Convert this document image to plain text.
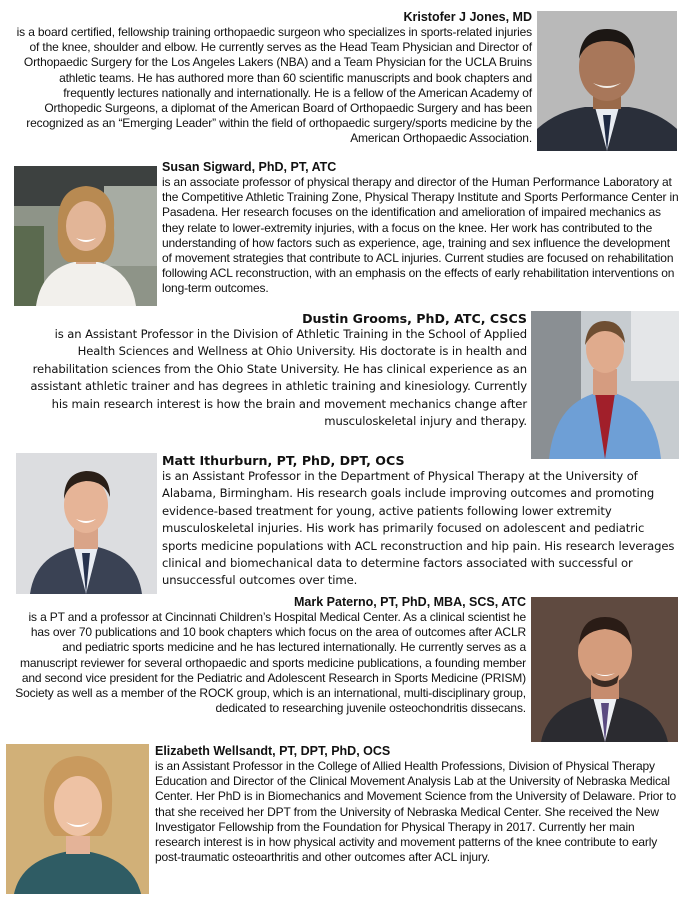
Kristofer J Jones, MD

is a board certified, fellowship training orthopaedic surgeon who specializes in sports-related injuries of the knee, shoulder and elbow. He currently serves as the Head Team Physician and Director of Orthopaedic Surgery for the Los Angeles Lakers (NBA) and a Team Physician for the UCLA Bruins athletic teams. He has authored more than 60 scientific manuscripts and book chapters and frequently lectures nationally and internationally. He is a fellow of the American Academy of Orthopedic Surgeons, a diplomat of the American Board of Orthopaedic Surgery and has been recognized as an “Emerging Leader” within the field of orthopaedic surgery/sports medicine by the American Orthopaedic Association.

Susan Sigward, PhD, PT, ATC

is an associate professor of physical therapy and director of the Human Performance Laboratory at the Competitive Athletic Training Zone, Physical Therapy Institute and Sports Performance Center in Pasadena. Her research focuses on the identification and amelioration of impaired mechanics as they relate to lower-extremity injuries, with a focus on the knee. Her work has contributed to the understanding of how factors such as experience, age, training and sex influence the development of movement strategies that contribute to ACL injuries. Current studies are focused on rehabilitation following ACL reconstruction, with an emphasis on the effects of early rehabilitation interventions on long-term outcomes.

Dustin Grooms, PhD, ATC, CSCS

is an Assistant Professor in the Division of Athletic Training in the School of Applied Health Sciences and Wellness at Ohio University. His doctorate is in health and rehabilitation sciences from the Ohio State University. He has clinical experience as an assistant athletic trainer and has degrees in athletic training and kinesiology. Currently his main research interest is how the brain and movement mechanics change after musculoskeletal injury and therapy.

Matt Ithurburn, PT, PhD, DPT, OCS

is an Assistant Professor in the Department of Physical Therapy at the University of Alabama, Birmingham. His research goals include improving outcomes and promoting evidence-based treatment for young, active patients following lower extremity musculoskeletal injuries. His work has primarily focused on adolescent and pediatric sports medicine populations with ACL reconstruction and hip pain. His research leverages clinical and biomechanical data to determine factors associated with successful or unsuccessful outcomes over time.

Mark Paterno, PT, PhD, MBA, SCS, ATC

is a PT and a professor at Cincinnati Children’s Hospital Medical Center. As a clinical scientist he has over 70 publications and 10 book chapters which focus on the area of outcomes after ACLR and pediatric sports medicine and he has lectured internationally. He currently serves as a manuscript reviewer for several orthopaedic and sports medicine publications, a founding member and second vice president for the Pediatric and Adolescent Research in Sports Medicine (PRISM) Society as well as a member of the ROCK group, which is an international, multi-disciplinary group, dedicated to researching juvenile osteochondritis dissecans.

Elizabeth Wellsandt, PT, DPT, PhD, OCS

is an Assistant Professor in the College of Allied Health Professions, Division of Physical Therapy Education and Director of the Clinical Movement Analysis Lab at the University of Nebraska Medical Center. Her PhD is in Biomechanics and Movement Science from the University of Delaware. Prior to that she received her DPT from the University of Nebraska Medical Center. She received the New Investigator Fellowship from the Foundation for Physical Therapy in 2017. Currently her main research interest is in how physical activity and movement patterns of the knee contribute to early post-traumatic osteoarthritis and other outcomes after ACL injury.
